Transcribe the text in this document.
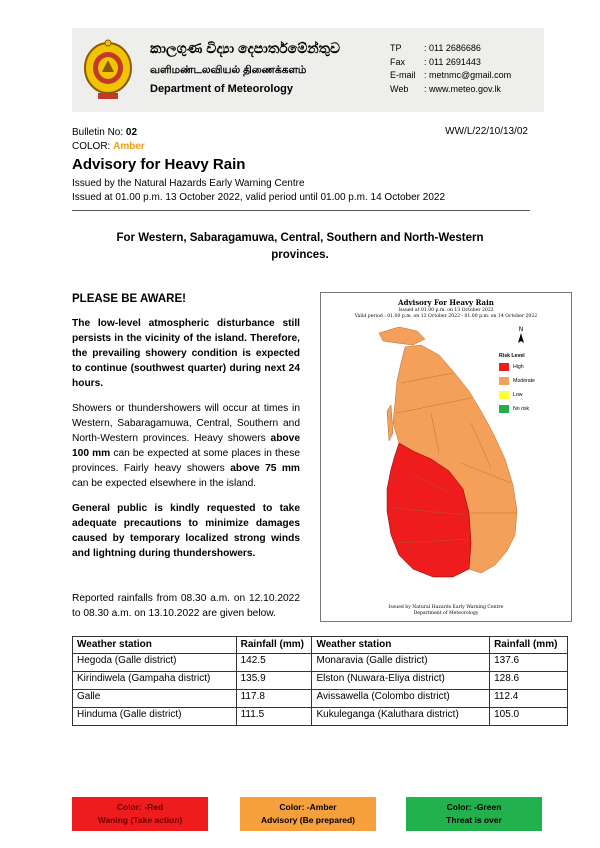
කාලගුණ විද්‍යා දෙපාර්තමේන්තුව
வளிமண்டலவியல் திணைக்களம்
Department of Meteorology
TP	: 011 2686686
Fax	: 011 2691443
E-mail : metnmc@gmail.com
Web	: www.meteo.gov.lk
Bulletin No: 02
COLOR: Amber
WW/L/22/10/13/02
Advisory for Heavy Rain
Issued by the Natural Hazards Early Warning Centre
Issued at 01.00 p.m. 13 October 2022, valid period until 01.00 p.m. 14 October 2022
For Western, Sabaragamuwa, Central, Southern and North-Western provinces.
PLEASE BE AWARE!

The low-level atmospheric disturbance still persists in the vicinity of the island. Therefore, the prevailing showery condition is expected to continue (southwest quarter) during next 24 hours.

Showers or thundershowers will occur at times in Western, Sabaragamuwa, Central, Southern and North-Western provinces. Heavy showers above 100 mm can be expected at some places in these provinces. Fairly heavy showers above 75 mm can be expected elsewhere in the island.

General public is kindly requested to take adequate precautions to minimize damages caused by temporary localized strong winds and lightning during thundershowers.

Reported rainfalls from 08.30 a.m. on 12.10.2022 to 08.30 a.m. on 13.10.2022 are given below.
Advisory For Heavy Rain
Issued at 01.00 p.m. on 13 October 2022
Valid period : 01.00 p.m. on 13 October 2022 - 01.00 p.m. on 14 October 2022
N
Risk Level
High
Moderate
Low
No risk
Issued by Natural Hazards Early Warning Centre
Department of Meteorology
Weather station	Rainfall (mm)	Weather station	Rainfall (mm)
Hegoda (Galle district)	142.5	Monaravia (Galle district)	137.6
Kirindiwela (Gampaha district)	135.9	Elston (Nuwara-Eliya district)	128.6
Galle	117.8	Avissawella (Colombo district)	112.4
Hinduma (Galle district)	111.5	Kukuleganga (Kaluthara district)	105.0
Color: -Red
Waning (Take action)
Color: -Amber
Advisory (Be prepared)
Color: -Green
Threat is over
